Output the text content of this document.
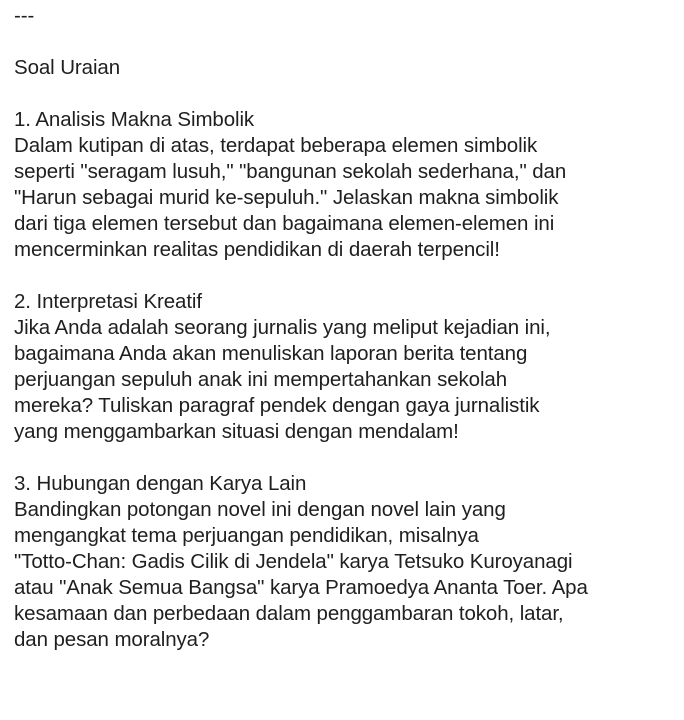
---
Soal Uraian
1. Analisis Makna Simbolik
Dalam kutipan di atas, terdapat beberapa elemen simbolik
seperti "seragam lusuh," "bangunan sekolah sederhana," dan
"Harun sebagai murid ke-sepuluh." Jelaskan makna simbolik
dari tiga elemen tersebut dan bagaimana elemen-elemen ini
mencerminkan realitas pendidikan di daerah terpencil!
2. Interpretasi Kreatif
Jika Anda adalah seorang jurnalis yang meliput kejadian ini,
bagaimana Anda akan menuliskan laporan berita tentang
perjuangan sepuluh anak ini mempertahankan sekolah
mereka? Tuliskan paragraf pendek dengan gaya jurnalistik
yang menggambarkan situasi dengan mendalam!
3. Hubungan dengan Karya Lain
Bandingkan potongan novel ini dengan novel lain yang
mengangkat tema perjuangan pendidikan, misalnya
"Totto-Chan: Gadis Cilik di Jendela" karya Tetsuko Kuroyanagi
atau "Anak Semua Bangsa" karya Pramoedya Ananta Toer. Apa
kesamaan dan perbedaan dalam penggambaran tokoh, latar,
dan pesan moralnya?
